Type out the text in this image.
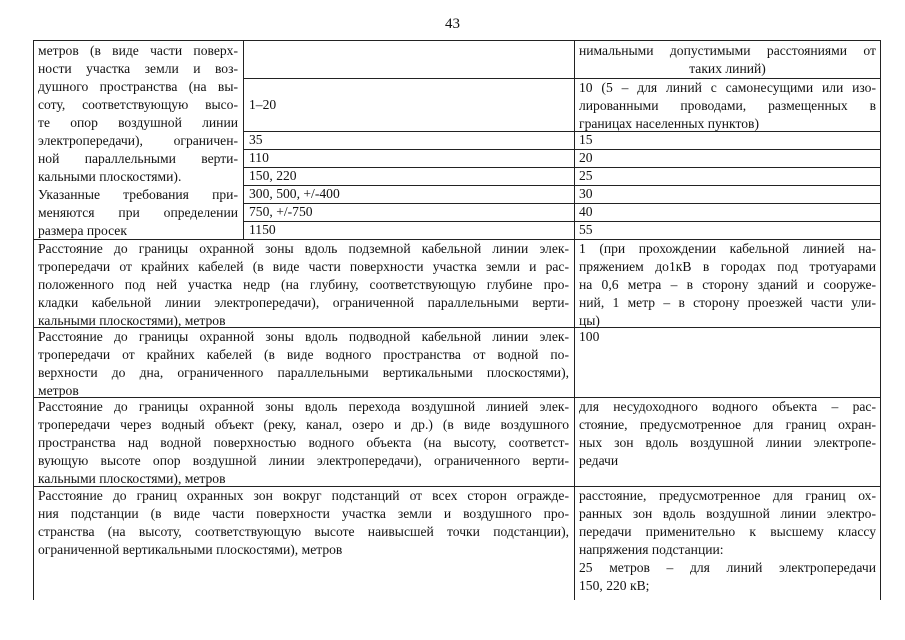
43
метров (в виде части поверх-
ности участка земли и воз-
душного пространства (на вы-
соту, соответствующую высо-
те опор воздушной линии
электропередачи), ограничен-
ной параллельными верти-
кальными плоскостями).
Указанные требования при-
меняются при определении
размера просек
нимальными допустимыми расстояниями от
таких линий)
1–20
35
110
150, 220
300, 500, +/-400
750, +/-750
1150
10 (5 – для линий с самонесущими или изо-
лированными проводами, размещенных в
границах населенных пунктов)
15
20
25
30
40
55
Расстояние до границы охранной зоны вдоль подземной кабельной линии элек-
тропередачи от крайних кабелей (в виде части поверхности участка земли и рас-
положенного под ней участка недр (на глубину, соответствующую глубине про-
кладки кабельной линии электропередачи), ограниченной параллельными верти-
кальными плоскостями), метров
1 (при прохождении кабельной линией на-
пряжением до1кВ в городах под тротуарами
на 0,6 метра – в сторону зданий и сооруже-
ний, 1 метр – в сторону проезжей части ули-
цы)
Расстояние до границы охранной зоны вдоль подводной кабельной линии элек-
тропередачи от крайних кабелей (в виде водного пространства от водной по-
верхности до дна, ограниченного параллельными вертикальными плоскостями),
метров
100
Расстояние до границы охранной зоны вдоль перехода воздушной линией элек-
тропередачи через водный объект (реку, канал, озеро и др.) (в виде воздушного
пространства над водной поверхностью водного объекта (на высоту, соответст-
вующую высоте опор воздушной линии электропередачи), ограниченного верти-
кальными плоскостями), метров
для несудоходного водного объекта – рас-
стояние, предусмотренное для границ охран-
ных зон вдоль воздушной линии электропе-
редачи
Расстояние до границ охранных зон вокруг подстанций от всех сторон огражде-
ния подстанции (в виде части поверхности участка земли и воздушного про-
странства (на высоту, соответствующую высоте наивысшей точки подстанции),
ограниченной вертикальными плоскостями), метров
расстояние, предусмотренное для границ ох-
ранных зон вдоль воздушной линии электро-
передачи применительно к высшему классу
напряжения подстанции:
25 метров – для линий электропередачи
150, 220 кВ;
